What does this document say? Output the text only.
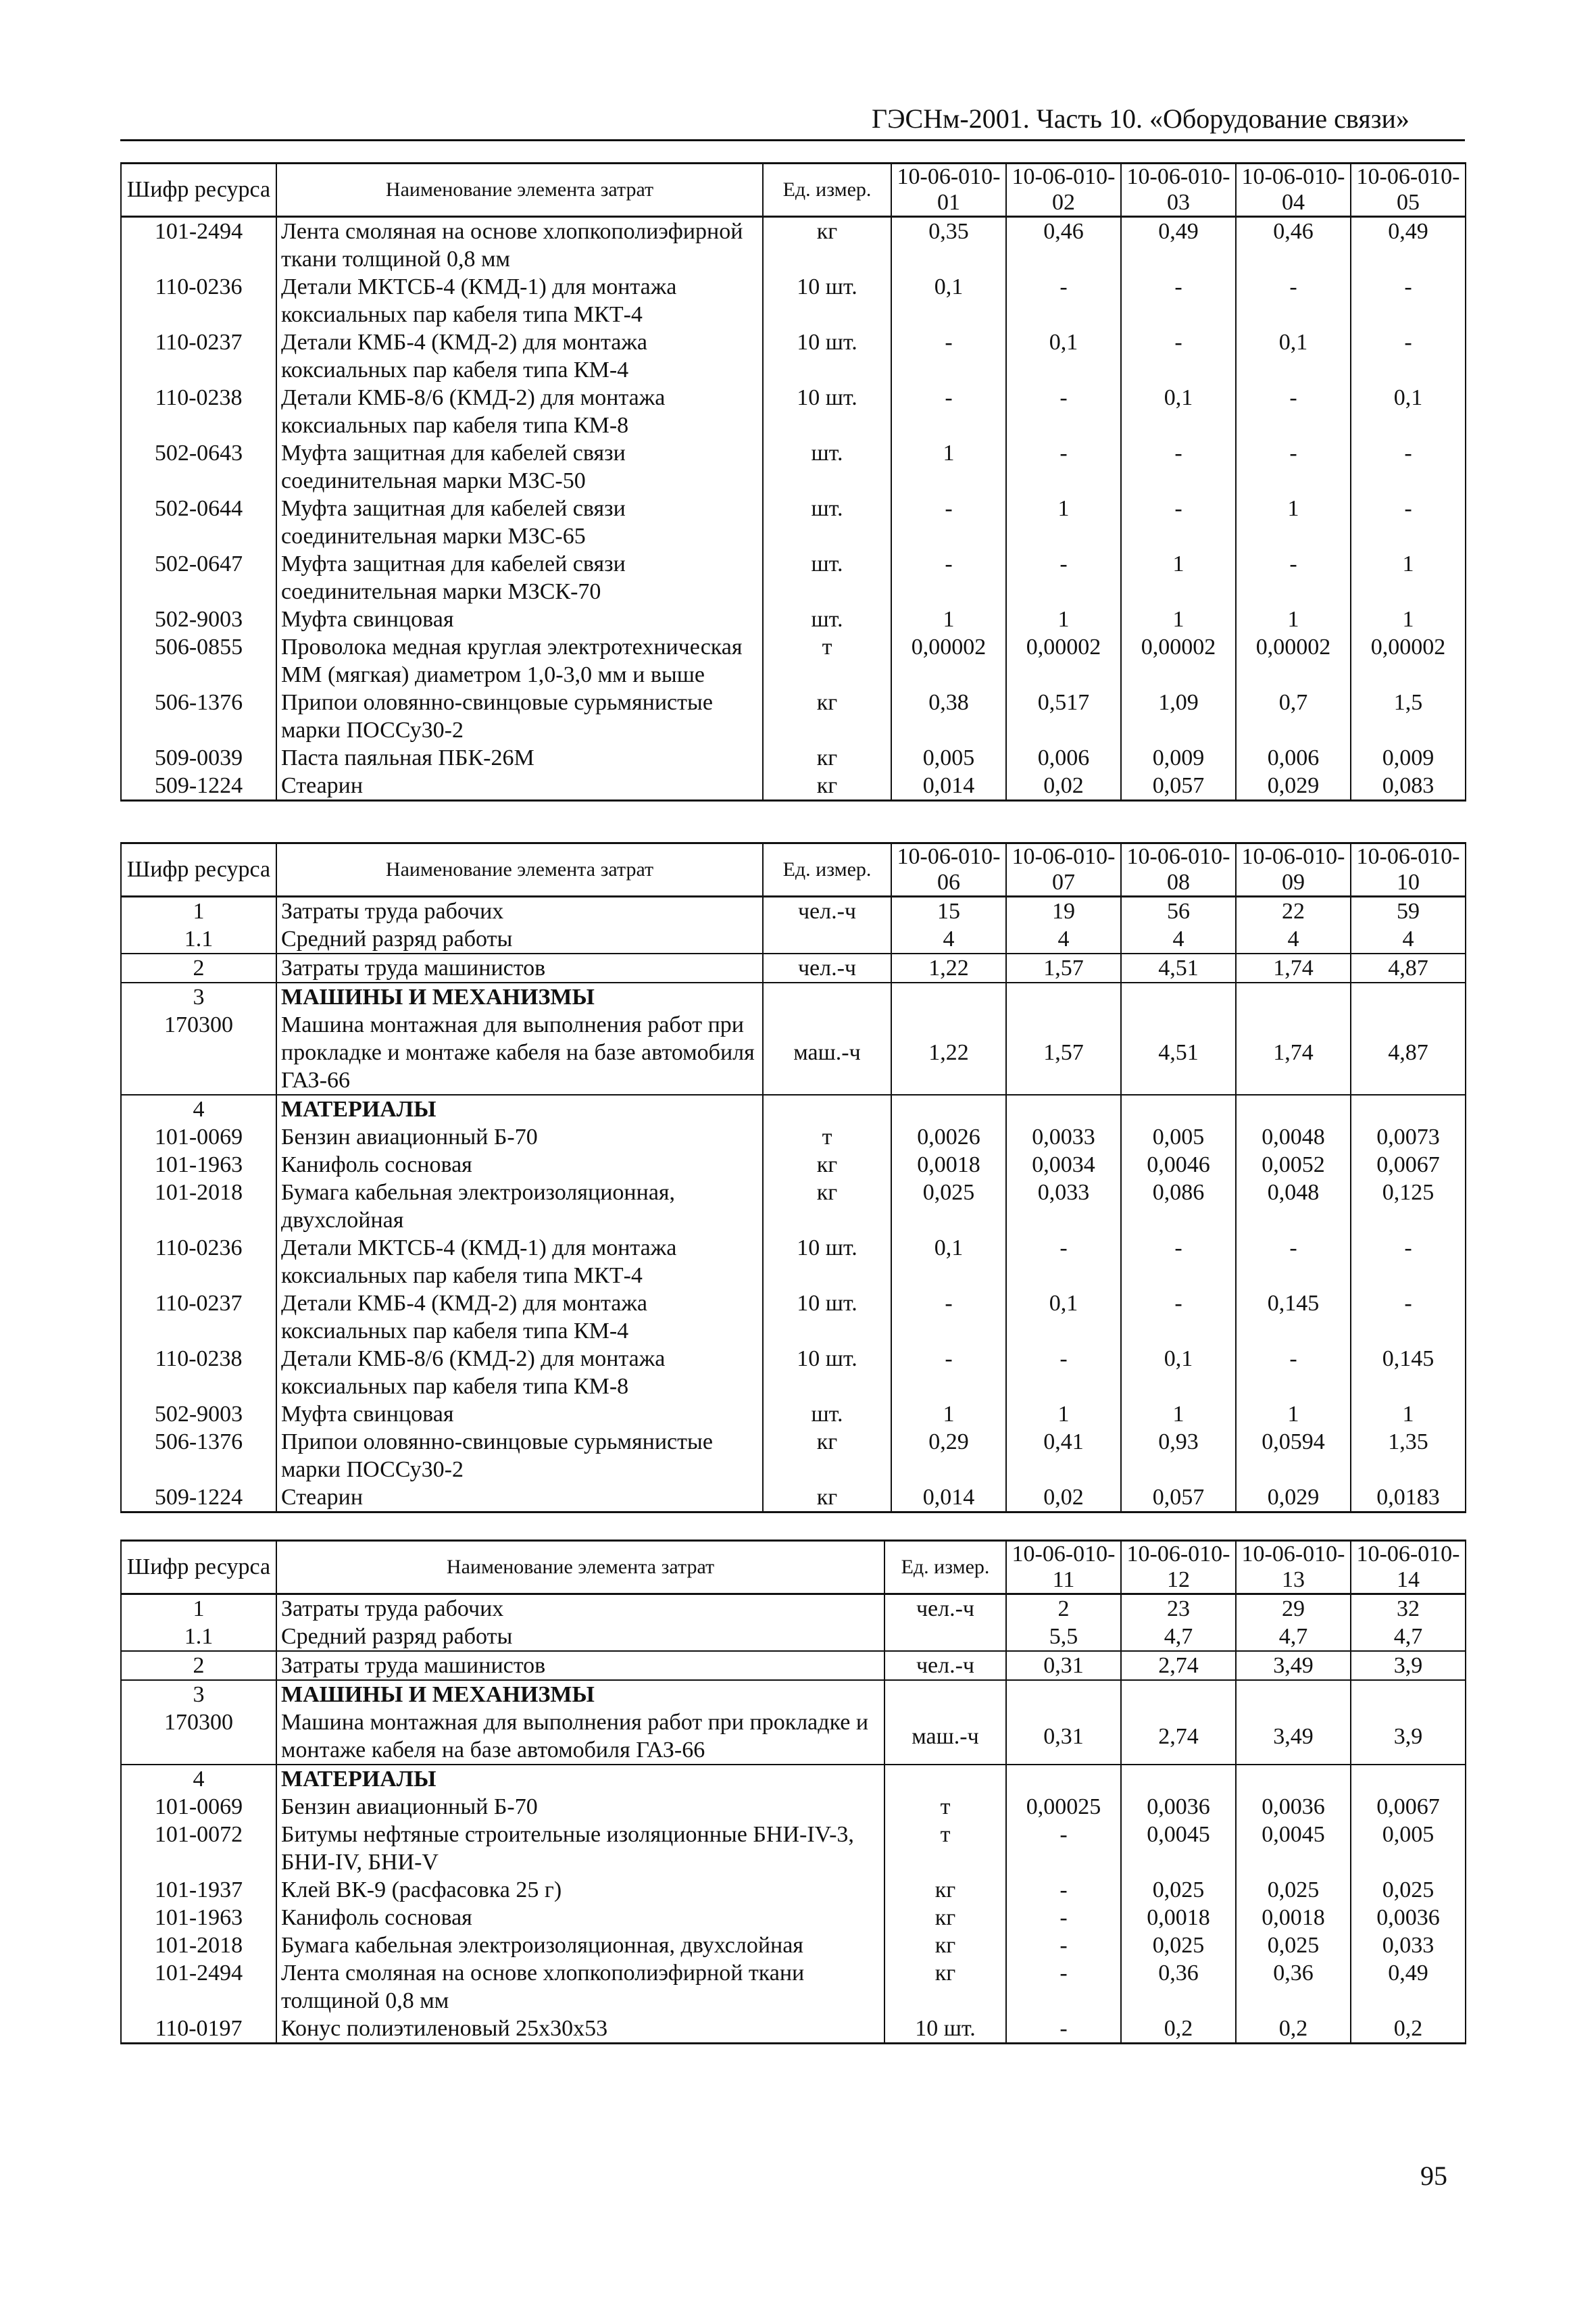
ГЭСНм-2001. Часть 10. «Оборудование связи»
Шифр ресурса	Наименование элемента затрат	Ед. измер.	10-06-010-01	10-06-010-02	10-06-010-03	10-06-010-04	10-06-010-05
101-2494	Лента смоляная на основе хлопкополиэфирной ткани толщиной 0,8 мм	кг	0,35	0,46	0,49	0,46	0,49
110-0236	Детали МКТСБ-4 (КМД-1) для монтажа коксиальных пар кабеля типа МКТ-4	10 шт.	0,1	-	-	-	-
110-0237	Детали КМБ-4 (КМД-2) для монтажа коксиальных пар кабеля типа КМ-4	10 шт.	-	0,1	-	0,1	-
110-0238	Детали КМБ-8/6 (КМД-2) для монтажа коксиальных пар кабеля типа КМ-8	10 шт.	-	-	0,1	-	0,1
502-0643	Муфта защитная для кабелей связи соединительная марки МЗС-50	шт.	1	-	-	-	-
502-0644	Муфта защитная для кабелей связи соединительная марки МЗС-65	шт.	-	1	-	1	-
502-0647	Муфта защитная для кабелей связи соединительная марки МЗСК-70	шт.	-	-	1	-	1
502-9003	Муфта свинцовая	шт.	1	1	1	1	1
506-0855	Проволока медная круглая электротехническая ММ (мягкая) диаметром 1,0-3,0 мм и выше	т	0,00002	0,00002	0,00002	0,00002	0,00002
506-1376	Припои оловянно-свинцовые сурьмянистые марки ПОССу30-2	кг	0,38	0,517	1,09	0,7	1,5
509-0039	Паста паяльная ПБК-26М	кг	0,005	0,006	0,009	0,006	0,009
509-1224	Стеарин	кг	0,014	0,02	0,057	0,029	0,083
Шифр ресурса	Наименование элемента затрат	Ед. измер.	10-06-010-06	10-06-010-07	10-06-010-08	10-06-010-09	10-06-010-10
1	Затраты труда рабочих	чел.-ч	15	19	56	22	59
1.1	Средний разряд работы		4	4	4	4	4
2	Затраты труда машинистов	чел.-ч	1,22	1,57	4,51	1,74	4,87
3	МАШИНЫ И МЕХАНИЗМЫ						
170300	Машина монтажная для выполнения работ при прокладке и монтаже кабеля на базе автомобиля ГАЗ-66	маш.-ч	1,22	1,57	4,51	1,74	4,87
4	МАТЕРИАЛЫ						
101-0069	Бензин авиационный Б-70	т	0,0026	0,0033	0,005	0,0048	0,0073
101-1963	Канифоль сосновая	кг	0,0018	0,0034	0,0046	0,0052	0,0067
101-2018	Бумага кабельная электроизоляционная, двухслойная	кг	0,025	0,033	0,086	0,048	0,125
110-0236	Детали МКТСБ-4 (КМД-1) для монтажа коксиальных пар кабеля типа МКТ-4	10 шт.	0,1	-	-	-	-
110-0237	Детали КМБ-4 (КМД-2) для монтажа коксиальных пар кабеля типа КМ-4	10 шт.	-	0,1	-	0,145	-
110-0238	Детали КМБ-8/6 (КМД-2) для монтажа коксиальных пар кабеля типа КМ-8	10 шт.	-	-	0,1	-	0,145
502-9003	Муфта свинцовая	шт.	1	1	1	1	1
506-1376	Припои оловянно-свинцовые сурьмянистые марки ПОССу30-2	кг	0,29	0,41	0,93	0,0594	1,35
509-1224	Стеарин	кг	0,014	0,02	0,057	0,029	0,0183
Шифр ресурса	Наименование элемента затрат	Ед. измер.	10-06-010-11	10-06-010-12	10-06-010-13	10-06-010-14
1	Затраты труда рабочих	чел.-ч	2	23	29	32
1.1	Средний разряд работы		5,5	4,7	4,7	4,7
2	Затраты труда машинистов	чел.-ч	0,31	2,74	3,49	3,9
3	МАШИНЫ И МЕХАНИЗМЫ					
170300	Машина монтажная для выполнения работ при прокладке и монтаже кабеля на базе автомобиля ГАЗ-66	маш.-ч	0,31	2,74	3,49	3,9
4	МАТЕРИАЛЫ					
101-0069	Бензин авиационный Б-70	т	0,00025	0,0036	0,0036	0,0067
101-0072	Битумы нефтяные строительные изоляционные БНИ-IV-3, БНИ-IV, БНИ-V	т	-	0,0045	0,0045	0,005
101-1937	Клей ВК-9 (расфасовка 25 г)	кг	-	0,025	0,025	0,025
101-1963	Канифоль сосновая	кг	-	0,0018	0,0018	0,0036
101-2018	Бумага кабельная электроизоляционная, двухслойная	кг	-	0,025	0,025	0,033
101-2494	Лента смоляная на основе хлопкополиэфирной ткани толщиной 0,8 мм	кг	-	0,36	0,36	0,49
110-0197	Конус полиэтиленовый 25х30х53	10 шт.	-	0,2	0,2	0,2
95
